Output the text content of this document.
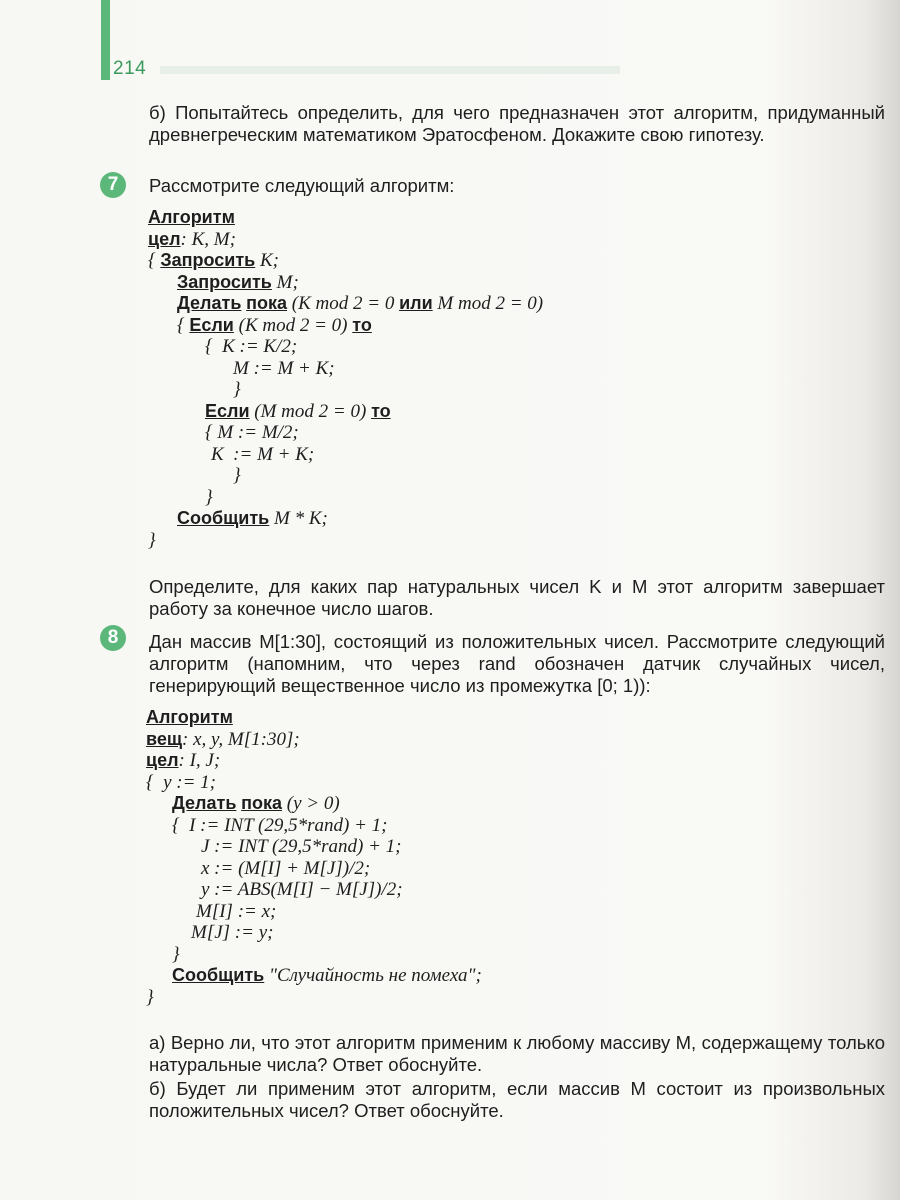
214
б) Попытайтесь определить, для чего предназначен этот алгоритм, придуманный древнегреческим математиком Эратосфеном. Докажите свою гипотезу.
7	Рассмотрите следующий алгоритм:
Алгоритм
цел: K, M;
{ Запросить K;
Запросить M;
Делать пока (K mod 2 = 0 или M mod 2 = 0)
{ Если (K mod 2 = 0) то
{  K := K/2;
M := M + K;
}
Если (M mod 2 = 0) то
{ M := M/2;
K  := M + K;
}
}
Сообщить M * K;
}
Определите, для каких пар натуральных чисел K и M этот алгоритм завершает работу за конечное число шагов.
8	Дан массив M[1:30], состоящий из положительных чисел. Рассмотрите следующий алгоритм (напомним, что через rand обозначен датчик случайных чисел, генерирующий вещественное число из промежутка [0; 1)):
Алгоритм
вещ: x, y, M[1:30];
цел: I, J;
{  y := 1;
Делать пока (y > 0)
{  I := INT (29,5*rand) + 1;
J := INT (29,5*rand) + 1;
x := (M[I] + M[J])/2;
y := ABS(M[I] − M[J])/2;
M[I] := x;
M[J] := y;
}
Сообщить "Случайность не помеха";
}
а) Верно ли, что этот алгоритм применим к любому массиву M, содержащему только натуральные числа? Ответ обоснуйте.
б) Будет ли применим этот алгоритм, если массив M состоит из произвольных положительных чисел? Ответ обоснуйте.
